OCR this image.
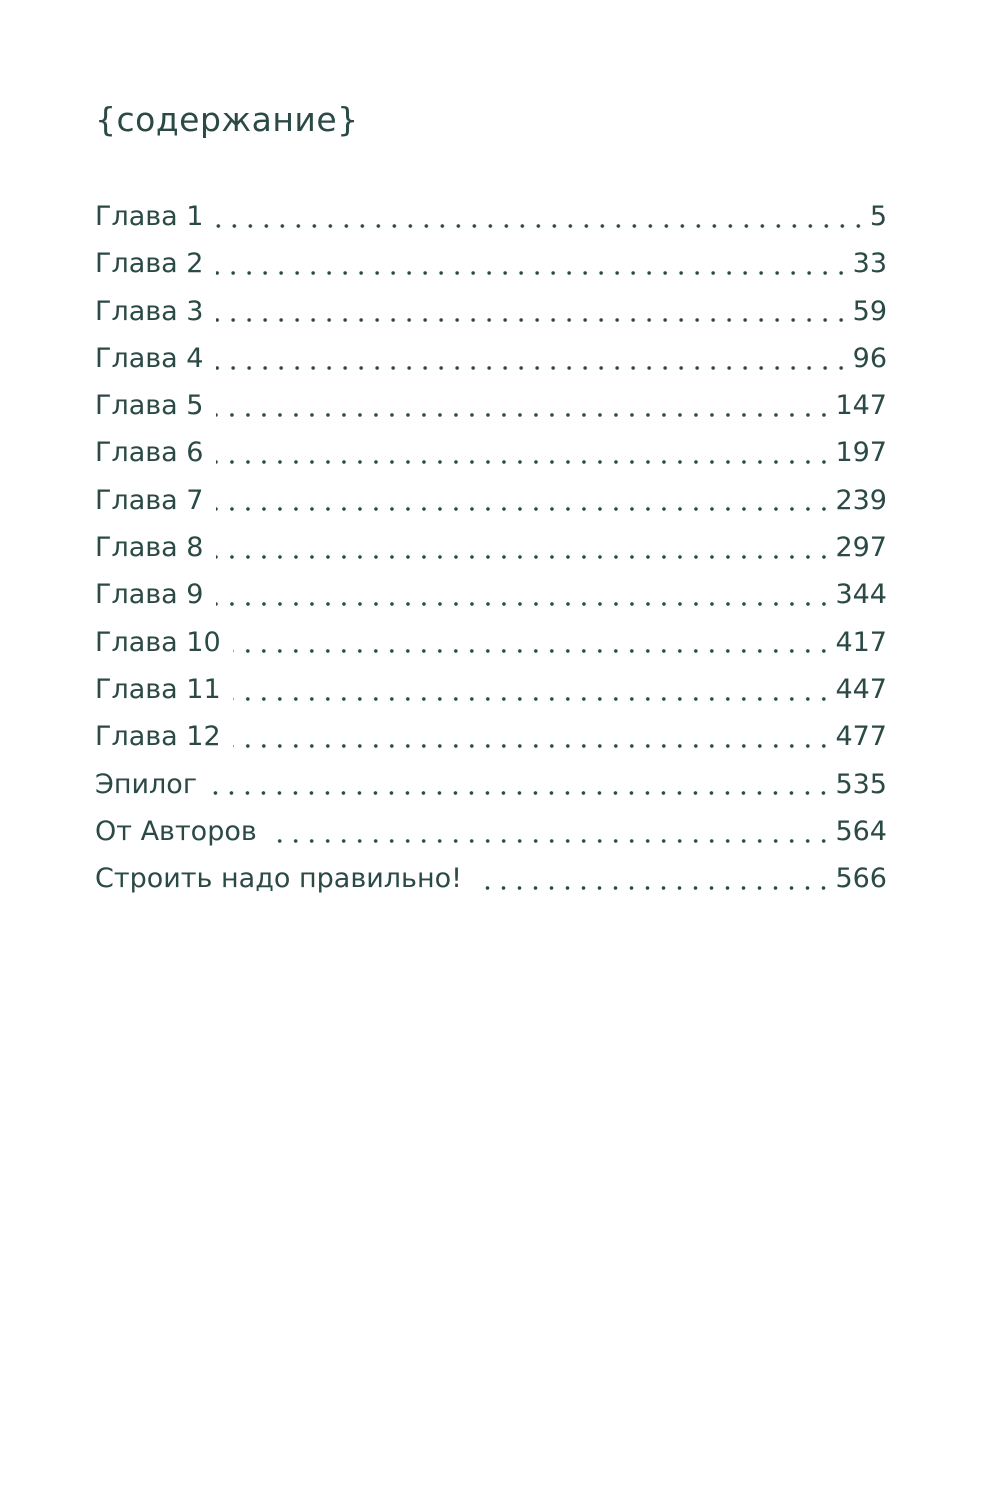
{содержание}
Глава 1	5
Глава 2	33
Глава 3	59
Глава 4	96
Глава 5	147
Глава 6	197
Глава 7	239
Глава 8	297
Глава 9	344
Глава 10	417
Глава 11	447
Глава 12	477
Эпилог	535
От Авторов	564
Строить надо правильно!	566
